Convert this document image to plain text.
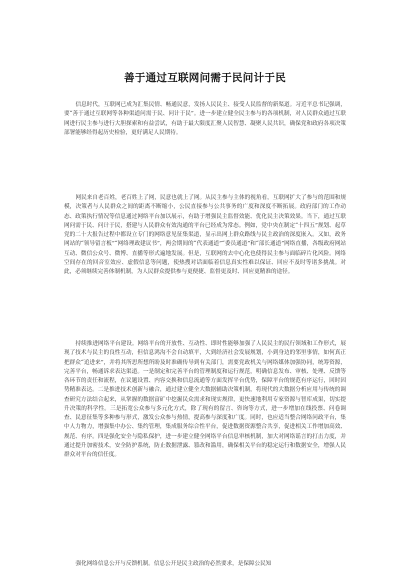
善于通过互联网问需于民问计于民

信息时代，互联网已成为汇集民情、畅通民意，发扬人民民主、接受人民监督的新渠道。习近平总书记强调，要“善于通过互联网等各种渠道问需于民、问计于民”。进一步建立健全民主参与的各项机制，对人民群众通过互联网进行民主参与进行大胆探索和有益尝试，有助于最大限度汇聚人民智慧、凝聚人民共识，确保党和政府各项决策部署能够经得起历史检验，更好满足人民期待。

网民来自老百姓，老百姓上了网，民意也就上了网。从民主参与主体的视角看，互联网扩大了参与的范围和规模，决策者与人民群众之间的距离不断缩小，公民直接参与公共事务的广度和深度不断拓展。政府部门的工作动态、政策执行情况等信息通过网络平台加以展示，有助于增强民主监督效能、优化民主决策效果。当下，通过互联网问需于民、问计于民，搭建与人民群众有效沟通的平台已经成为常态。例如，党中央在制定“十四五”规划、起草党的二十大报告过程中都设立专门的网络意见征集渠道，显示出网上群众路线与民主政治的深度嵌入。又如，政务网站的“领导留言板”“网络理政建议书”，两会期间的“代表通道”“委员通道”和“部长通道”网络直播，各级政府网站互动、微信公众号、微博、直播等形式遍地发展。但是，互联网的去中心化也使得民主参与面临碎片化风险。网络空间存在的回音室效应、虚假信息等问题，使热搜对话面临着信息真实性难以保证、回应不及时等诸多挑战。对此，必须继续完善体制机制，为人民群众提供参与更便捷、监督更及时、回应更精准的途径。

持续推进网络平台建设。网络平台的开放性、互动性、即时性能够加强了人民民主的民行领域和工作形式，展现了技术与民主的良性互动，但信息鸿沟不会自动填平，大到经济社会发展规划，小到身边的邻里事情，如何真正把群众“追进来”，并将其所思所想所盼及时准确传导到有关部门，需要党政机关与网络媒体加强协同，统筹资源，完善平台，畅通诉求表达渠道。一是制定和完善平台的管理制度和运行规范，明确信息发布、审核、处理、反馈等各环节的责任和流程，在议题设置、内容交换和信息流通等方面发挥平台优势，保障平台的规范有序运行，回时因势精准表达。二是推进技术创新与融合，通过建立健全大数据辅助决策机制，将现代的大数据分析应用与传统的调查研究方法结合起来，从掌握的数据富矿中挖掘民众需求和现实规律，更快速地利用专家资源与智库成果，切实提升决策的科学性。三是拓宽公众参与多元化方式，除了现有的留言、咨询等方式，进一步增加在线投票、问卷调查、民意征集等多种参与形式，激发公众参与热情，提高参与深度和广度。同时，也应适当整合网络问政平台，集中人力物力，增强集中办公、集约管理，集成服务综合性平台，促进数据资源整合共享，促进相关工作增加高效、规范、有序。四是强化安全与隐私保护，进一步建立健全网络平台信息审核机制，加大对网络谣言的打击力度，并通过提升加密技术，安全防护系统，防止数据泄露、篡改和滥用，确保相关平台的稳定运行和数据安全，增强人民群众对平台的信任度。

强化网络信息公开与反馈机制。信息公开是民主政治的必然要求，是保障公民知
